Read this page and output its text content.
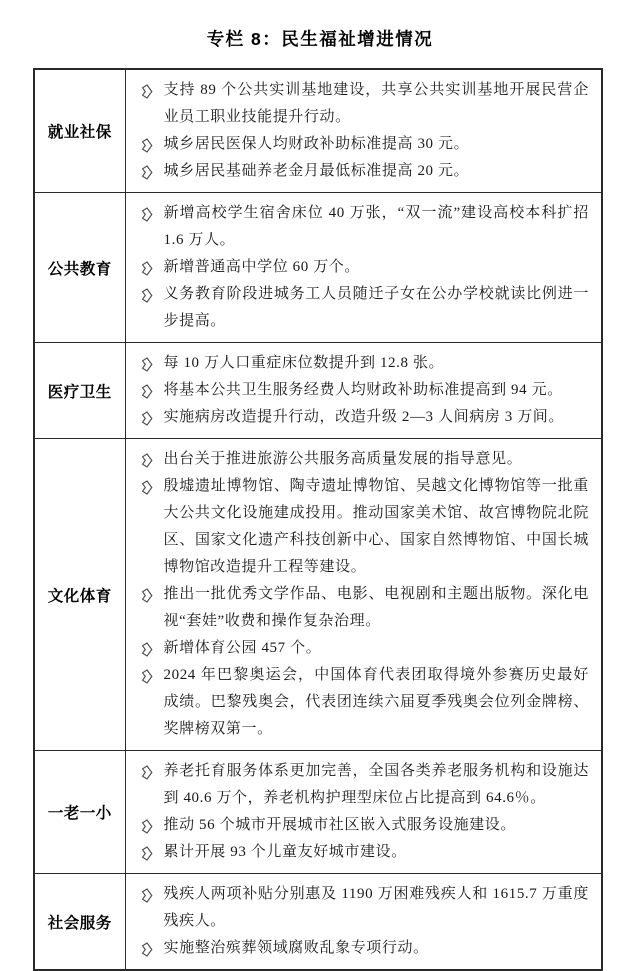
专栏 8：民生福祉增进情况
就业社保	支持 89 个公共实训基地建设，共享公共实训基地开展民营企业员工职业技能提升行动。
城乡居民医保人均财政补助标准提高 30 元。
城乡居民基础养老金月最低标准提高 20 元。

公共教育	新增高校学生宿舍床位 40 万张，“双一流”建设高校本科扩招 1.6 万人。
新增普通高中学位 60 万个。
义务教育阶段进城务工人员随迁子女在公办学校就读比例进一步提高。

医疗卫生	每 10 万人口重症床位数提升到 12.8 张。
将基本公共卫生服务经费人均财政补助标准提高到 94 元。
实施病房改造提升行动，改造升级 2—3 人间病房 3 万间。

文化体育	出台关于推进旅游公共服务高质量发展的指导意见。
殷墟遗址博物馆、陶寺遗址博物馆、吴越文化博物馆等一批重大公共文化设施建成投用。推动国家美术馆、故宫博物院北院区、国家文化遗产科技创新中心、国家自然博物馆、中国长城博物馆改造提升工程等建设。
推出一批优秀文学作品、电影、电视剧和主题出版物。深化电视“套娃”收费和操作复杂治理。
新增体育公园 457 个。
2024 年巴黎奥运会，中国体育代表团取得境外参赛历史最好成绩。巴黎残奥会，代表团连续六届夏季残奥会位列金牌榜、奖牌榜双第一。

一老一小	养老托育服务体系更加完善，全国各类养老服务机构和设施达到 40.6 万个，养老机构护理型床位占比提高到 64.6％。
推动 56 个城市开展城市社区嵌入式服务设施建设。
累计开展 93 个儿童友好城市建设。

社会服务	残疾人两项补贴分别惠及 1190 万困难残疾人和 1615.7 万重度残疾人。
实施整治殡葬领域腐败乱象专项行动。
